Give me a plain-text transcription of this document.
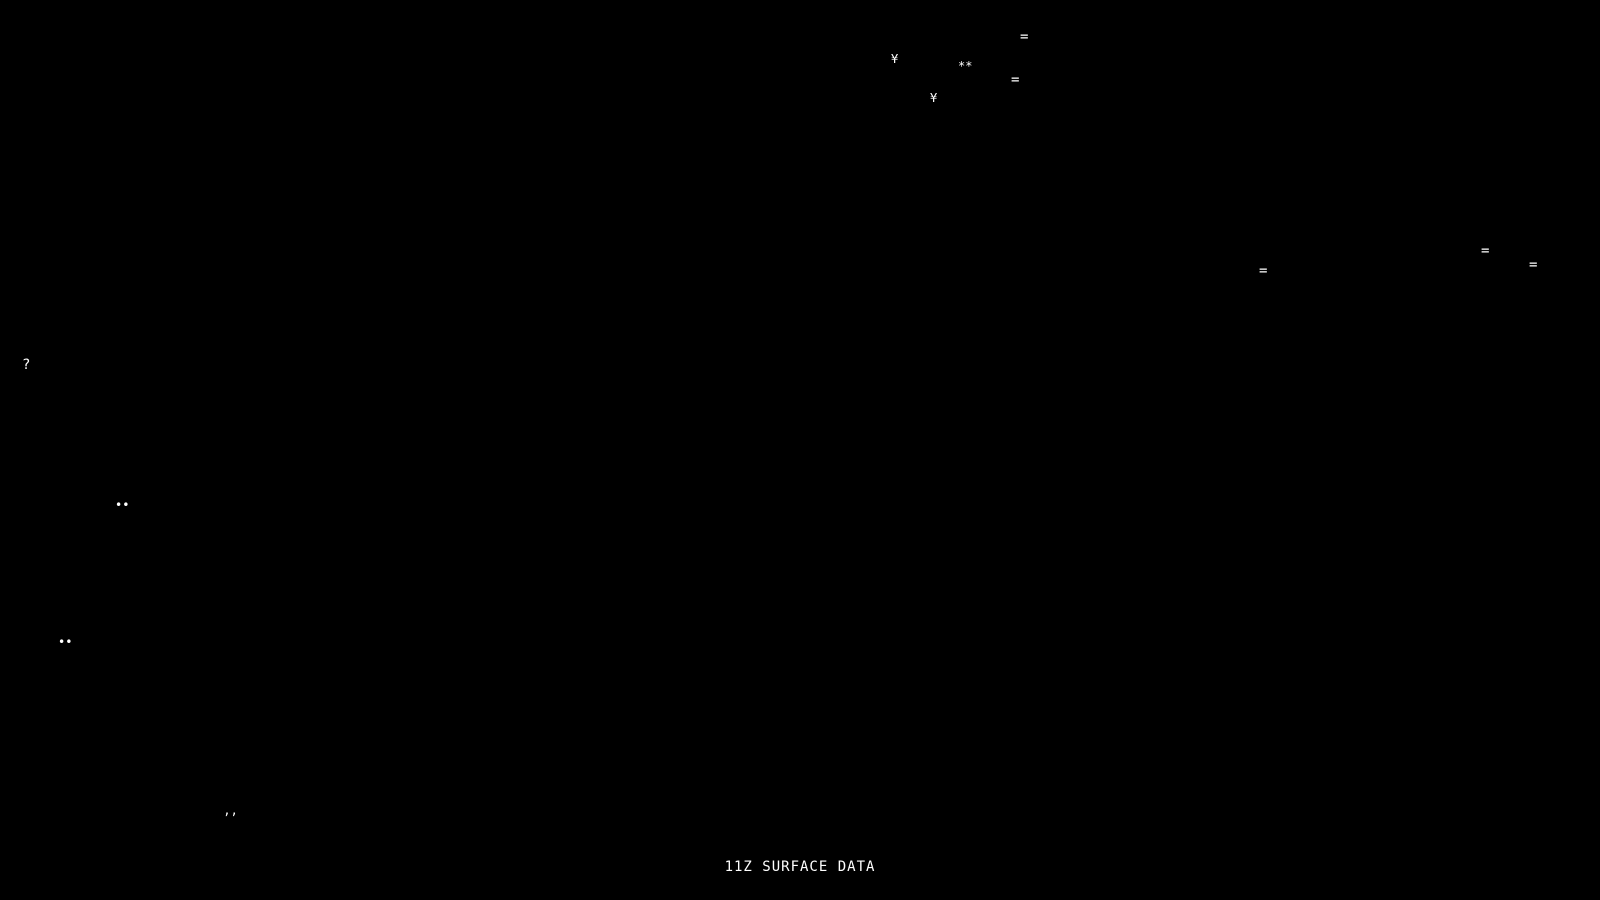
¥
=
=
**
¥
=
=
=
?
••
••
’’
11Z SURFACE DATA
